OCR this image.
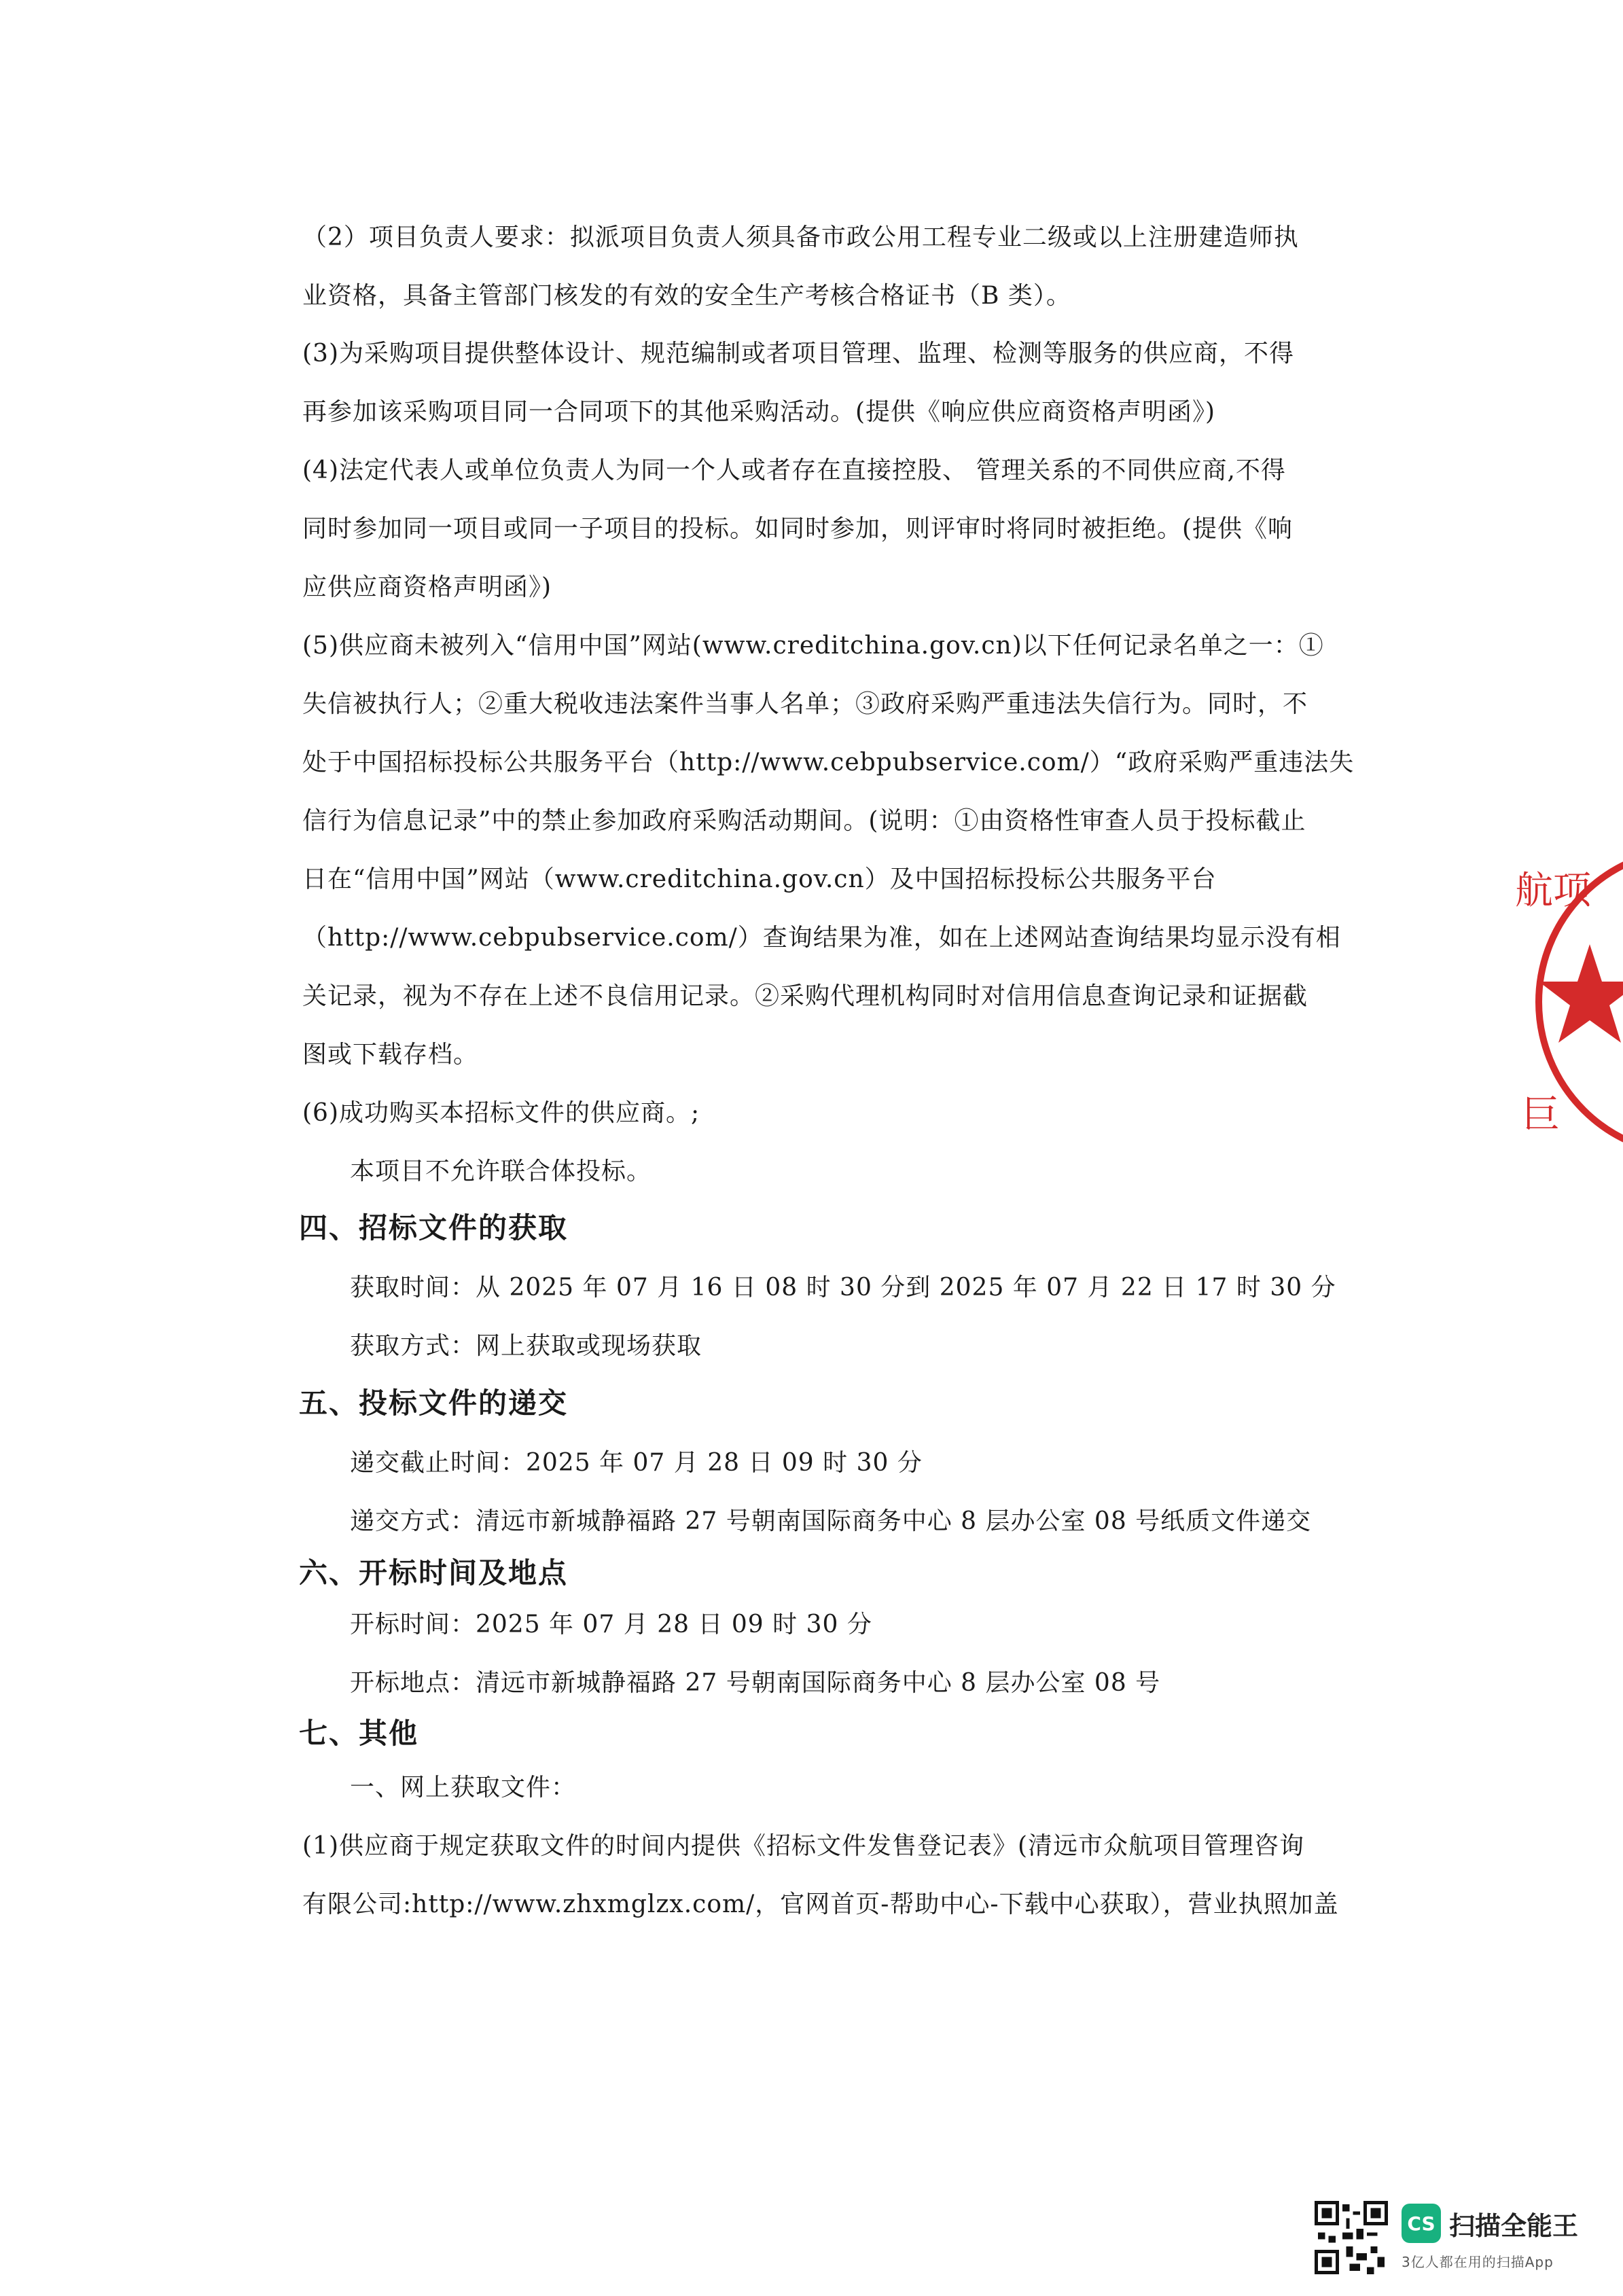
（2）项目负责人要求：拟派项目负责人须具备市政公用工程专业二级或以上注册建造师执
业资格，具备主管部门核发的有效的安全生产考核合格证书（B 类）。
(3)为采购项目提供整体设计、规范编制或者项目管理、监理、检测等服务的供应商，不得
再参加该采购项目同一合同项下的其他采购活动。(提供《响应供应商资格声明函》)
(4)法定代表人或单位负责人为同一个人或者存在直接控股、 管理关系的不同供应商,不得
同时参加同一项目或同一子项目的投标。如同时参加，则评审时将同时被拒绝。(提供《响
应供应商资格声明函》)
(5)供应商未被列入“信用中国”网站(www.creditchina.gov.cn)以下任何记录名单之一：①
失信被执行人；②重大税收违法案件当事人名单；③政府采购严重违法失信行为。同时，不
处于中国招标投标公共服务平台（http://www.cebpubservice.com/）“政府采购严重违法失
信行为信息记录”中的禁止参加政府采购活动期间。(说明：①由资格性审查人员于投标截止
日在“信用中国”网站（www.creditchina.gov.cn）及中国招标投标公共服务平台
（http://www.cebpubservice.com/）查询结果为准，如在上述网站查询结果均显示没有相
关记录，视为不存在上述不良信用记录。②采购代理机构同时对信用信息查询记录和证据截
图或下载存档。
(6)成功购买本招标文件的供应商。;
本项目不允许联合体投标。
四、招标文件的获取
获取时间：从 2025 年 07 月 16 日 08 时 30 分到 2025 年 07 月 22 日 17 时 30 分
获取方式：网上获取或现场获取
五、投标文件的递交
递交截止时间：2025 年 07 月 28 日 09 时 30 分
递交方式：清远市新城静福路 27 号朝南国际商务中心 8 层办公室 08 号纸质文件递交
六、开标时间及地点
开标时间：2025 年 07 月 28 日 09 时 30 分
开标地点：清远市新城静福路 27 号朝南国际商务中心 8 层办公室 08 号
七、其他
一、网上获取文件：
(1)供应商于规定获取文件的时间内提供《招标文件发售登记表》(清远市众航项目管理咨询
有限公司:http://www.zhxmglzx.com/，官网首页-帮助中心-下载中心获取），营业执照加盖
航项
巨
CS 扫描全能王
3亿人都在用的扫描App
